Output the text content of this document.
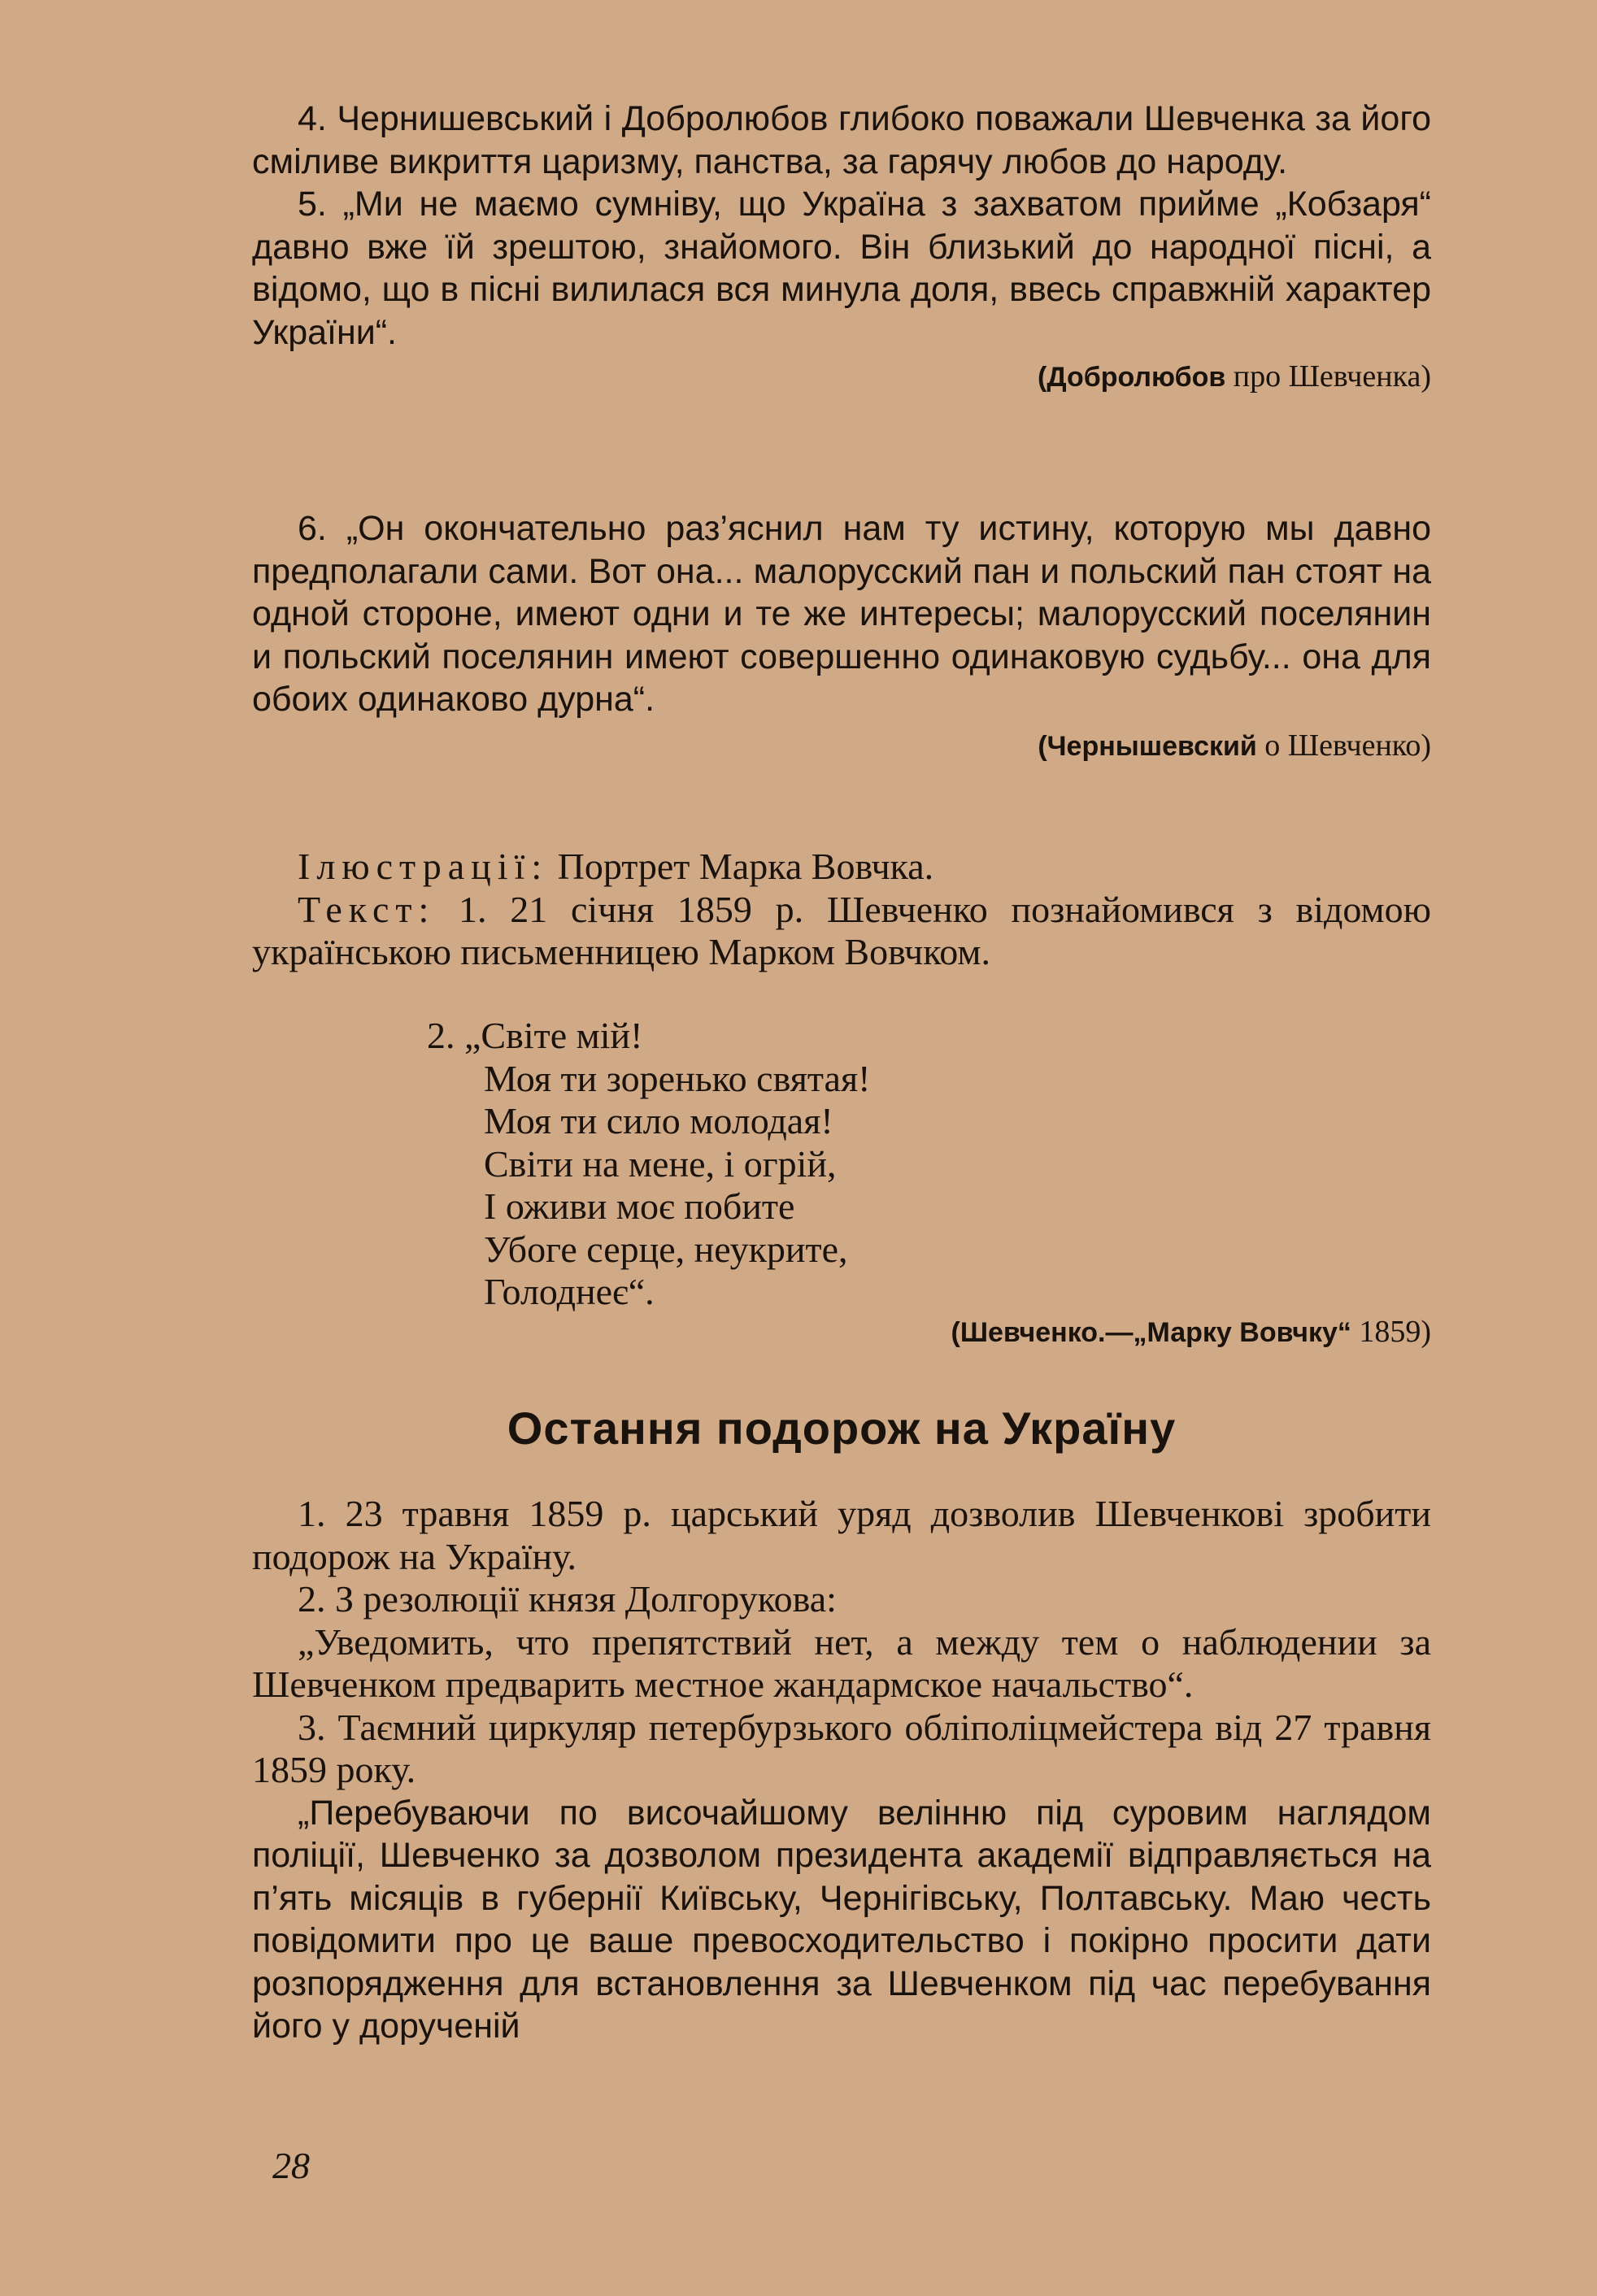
4. Чернишевський і Добролюбов глибоко поважали Шевченка за його сміливе викриття царизму, панства, за гарячу любов до народу.

5. „Ми не маємо сумніву, що Україна з захватом прийме „Кобзаря“ давно вже їй зрештою, знайомого. Він близький до народної пісні, а відомо, що в пісні вилилася вся минула доля, ввесь справжній характер України“.

(Добролюбов про Шевченка)

6. „Он окончательно раз’яснил нам ту истину, которую мы давно предполагали сами. Вот она... малорусский пан и польский пан стоят на одной стороне, имеют одни и те же интересы; малорусский поселянин и польский поселянин имеют совершенно одинаковую судьбу... она для обоих одинаково дурна“.

(Чернышевский о Шевченко)

Ілюстрації: Портрет Марка Вовчка.

Текст: 1. 21 січня 1859 р. Шевченко познайомився з відомою українською письменницею Марком Вовчком.

2. „Світе мій!
Моя ти зоренько святая!
Моя ти сило молодая!
Світи на мене, і огрій,
І оживи моє побите
Убоге серце, неукрите,
Голоднеє“.

(Шевченко.—„Марку Вовчку“ 1859)

Остання подорож на Україну

1. 23 травня 1859 р. царський уряд дозволив Шевченкові зробити подорож на Україну.

2. З резолюції князя Долгорукова:

„Уведомить, что препятствий нет, а между тем о наблюдении за Шевченком предварить местное жандармское начальство“.

3. Таємний циркуляр петербурзького обліполіцмейстера від 27 травня 1859 року.

„Перебуваючи по височайшому велінню під суровим наглядом поліції, Шевченко за дозволом президента академії відправляється на п’ять місяців в губернії Київську, Чернігівську, Полтавську. Маю честь повідомити про це ваше превосходительство і покірно просити дати розпорядження для встановлення за Шевченком під час перебування його у дорученій

28
